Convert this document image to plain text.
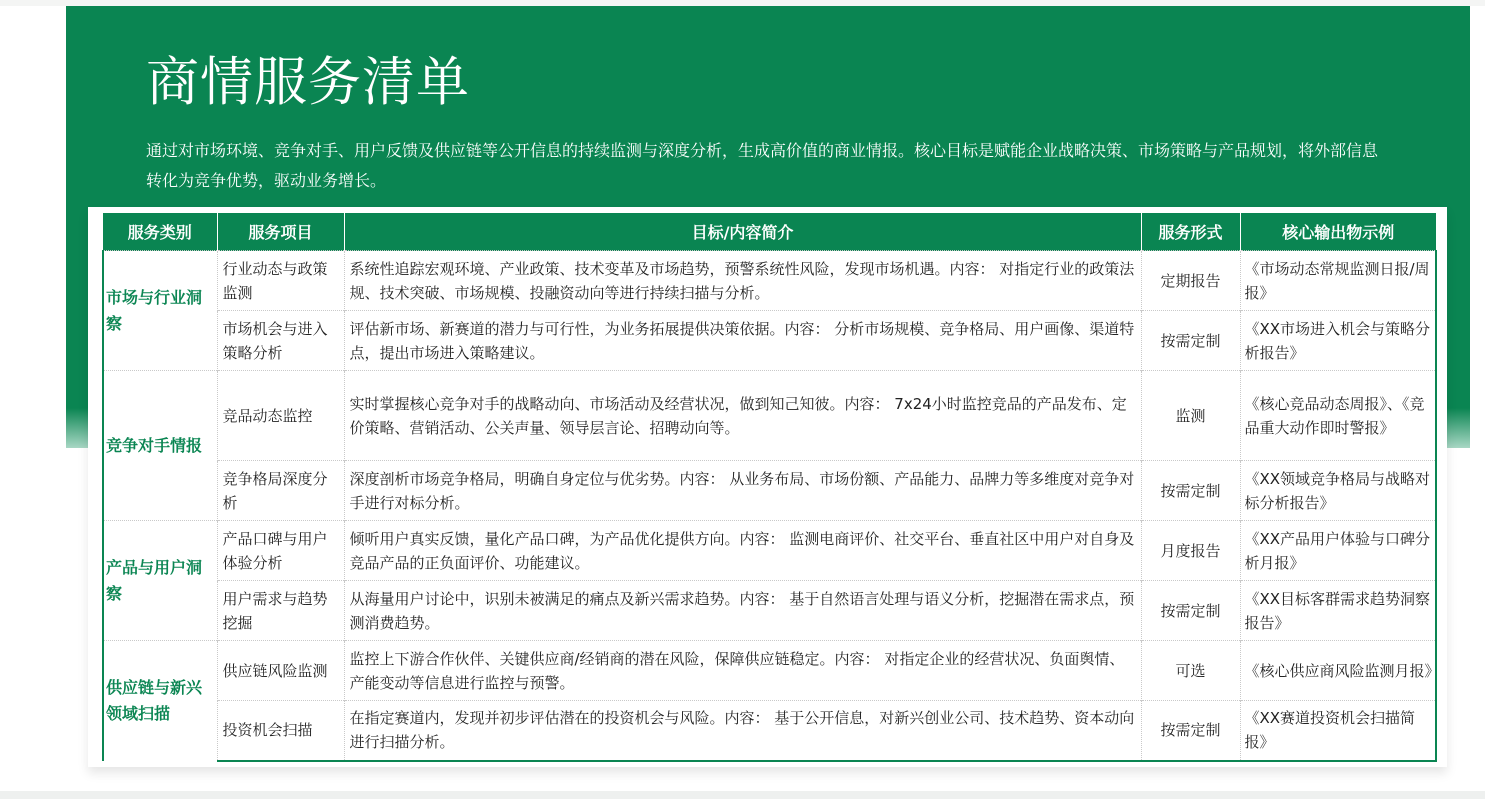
商情服务清单

通过对市场环境、竞争对手、用户反馈及供应链等公开信息的持续监测与深度分析，生成高价值的商业情报。核心目标是赋能企业战略决策、市场策略与产品规划，将外部信息转化为竞争优势，驱动业务增长。

服务类别	服务项目	目标/内容简介	服务形式	核心输出物示例
市场与行业洞察	行业动态与政策监测	系统性追踪宏观环境、产业政策、技术变革及市场趋势，预警系统性风险，发现市场机遇。内容： 对指定行业的政策法规、技术突破、市场规模、投融资动向等进行持续扫描与分析。	定期报告	《市场动态常规监测日报/周报》
	市场机会与进入策略分析	评估新市场、新赛道的潜力与可行性，为业务拓展提供决策依据。内容： 分析市场规模、竞争格局、用户画像、渠道特点，提出市场进入策略建议。	按需定制	《XX市场进入机会与策略分析报告》
竞争对手情报	竞品动态监控	实时掌握核心竞争对手的战略动向、市场活动及经营状况，做到知己知彼。内容： 7x24小时监控竞品的产品发布、定价策略、营销活动、公关声量、领导层言论、招聘动向等。	监测	《核心竞品动态周报》、《竞品重大动作即时警报》
	竞争格局深度分析	深度剖析市场竞争格局，明确自身定位与优劣势。内容： 从业务布局、市场份额、产品能力、品牌力等多维度对竞争对手进行对标分析。	按需定制	《XX领域竞争格局与战略对标分析报告》
产品与用户洞察	产品口碑与用户体验分析	倾听用户真实反馈，量化产品口碑，为产品优化提供方向。内容： 监测电商评价、社交平台、垂直社区中用户对自身及竞品产品的正负面评价、功能建议。	月度报告	《XX产品用户体验与口碑分析月报》
	用户需求与趋势挖掘	从海量用户讨论中，识别未被满足的痛点及新兴需求趋势。内容： 基于自然语言处理与语义分析，挖掘潜在需求点，预测消费趋势。	按需定制	《XX目标客群需求趋势洞察报告》
供应链与新兴领域扫描	供应链风险监测	监控上下游合作伙伴、关键供应商/经销商的潜在风险，保障供应链稳定。内容： 对指定企业的经营状况、负面舆情、产能变动等信息进行监控与预警。	可选	《核心供应商风险监测月报》
	投资机会扫描	在指定赛道内，发现并初步评估潜在的投资机会与风险。内容： 基于公开信息，对新兴创业公司、技术趋势、资本动向进行扫描分析。	按需定制	《XX赛道投资机会扫描简报》
